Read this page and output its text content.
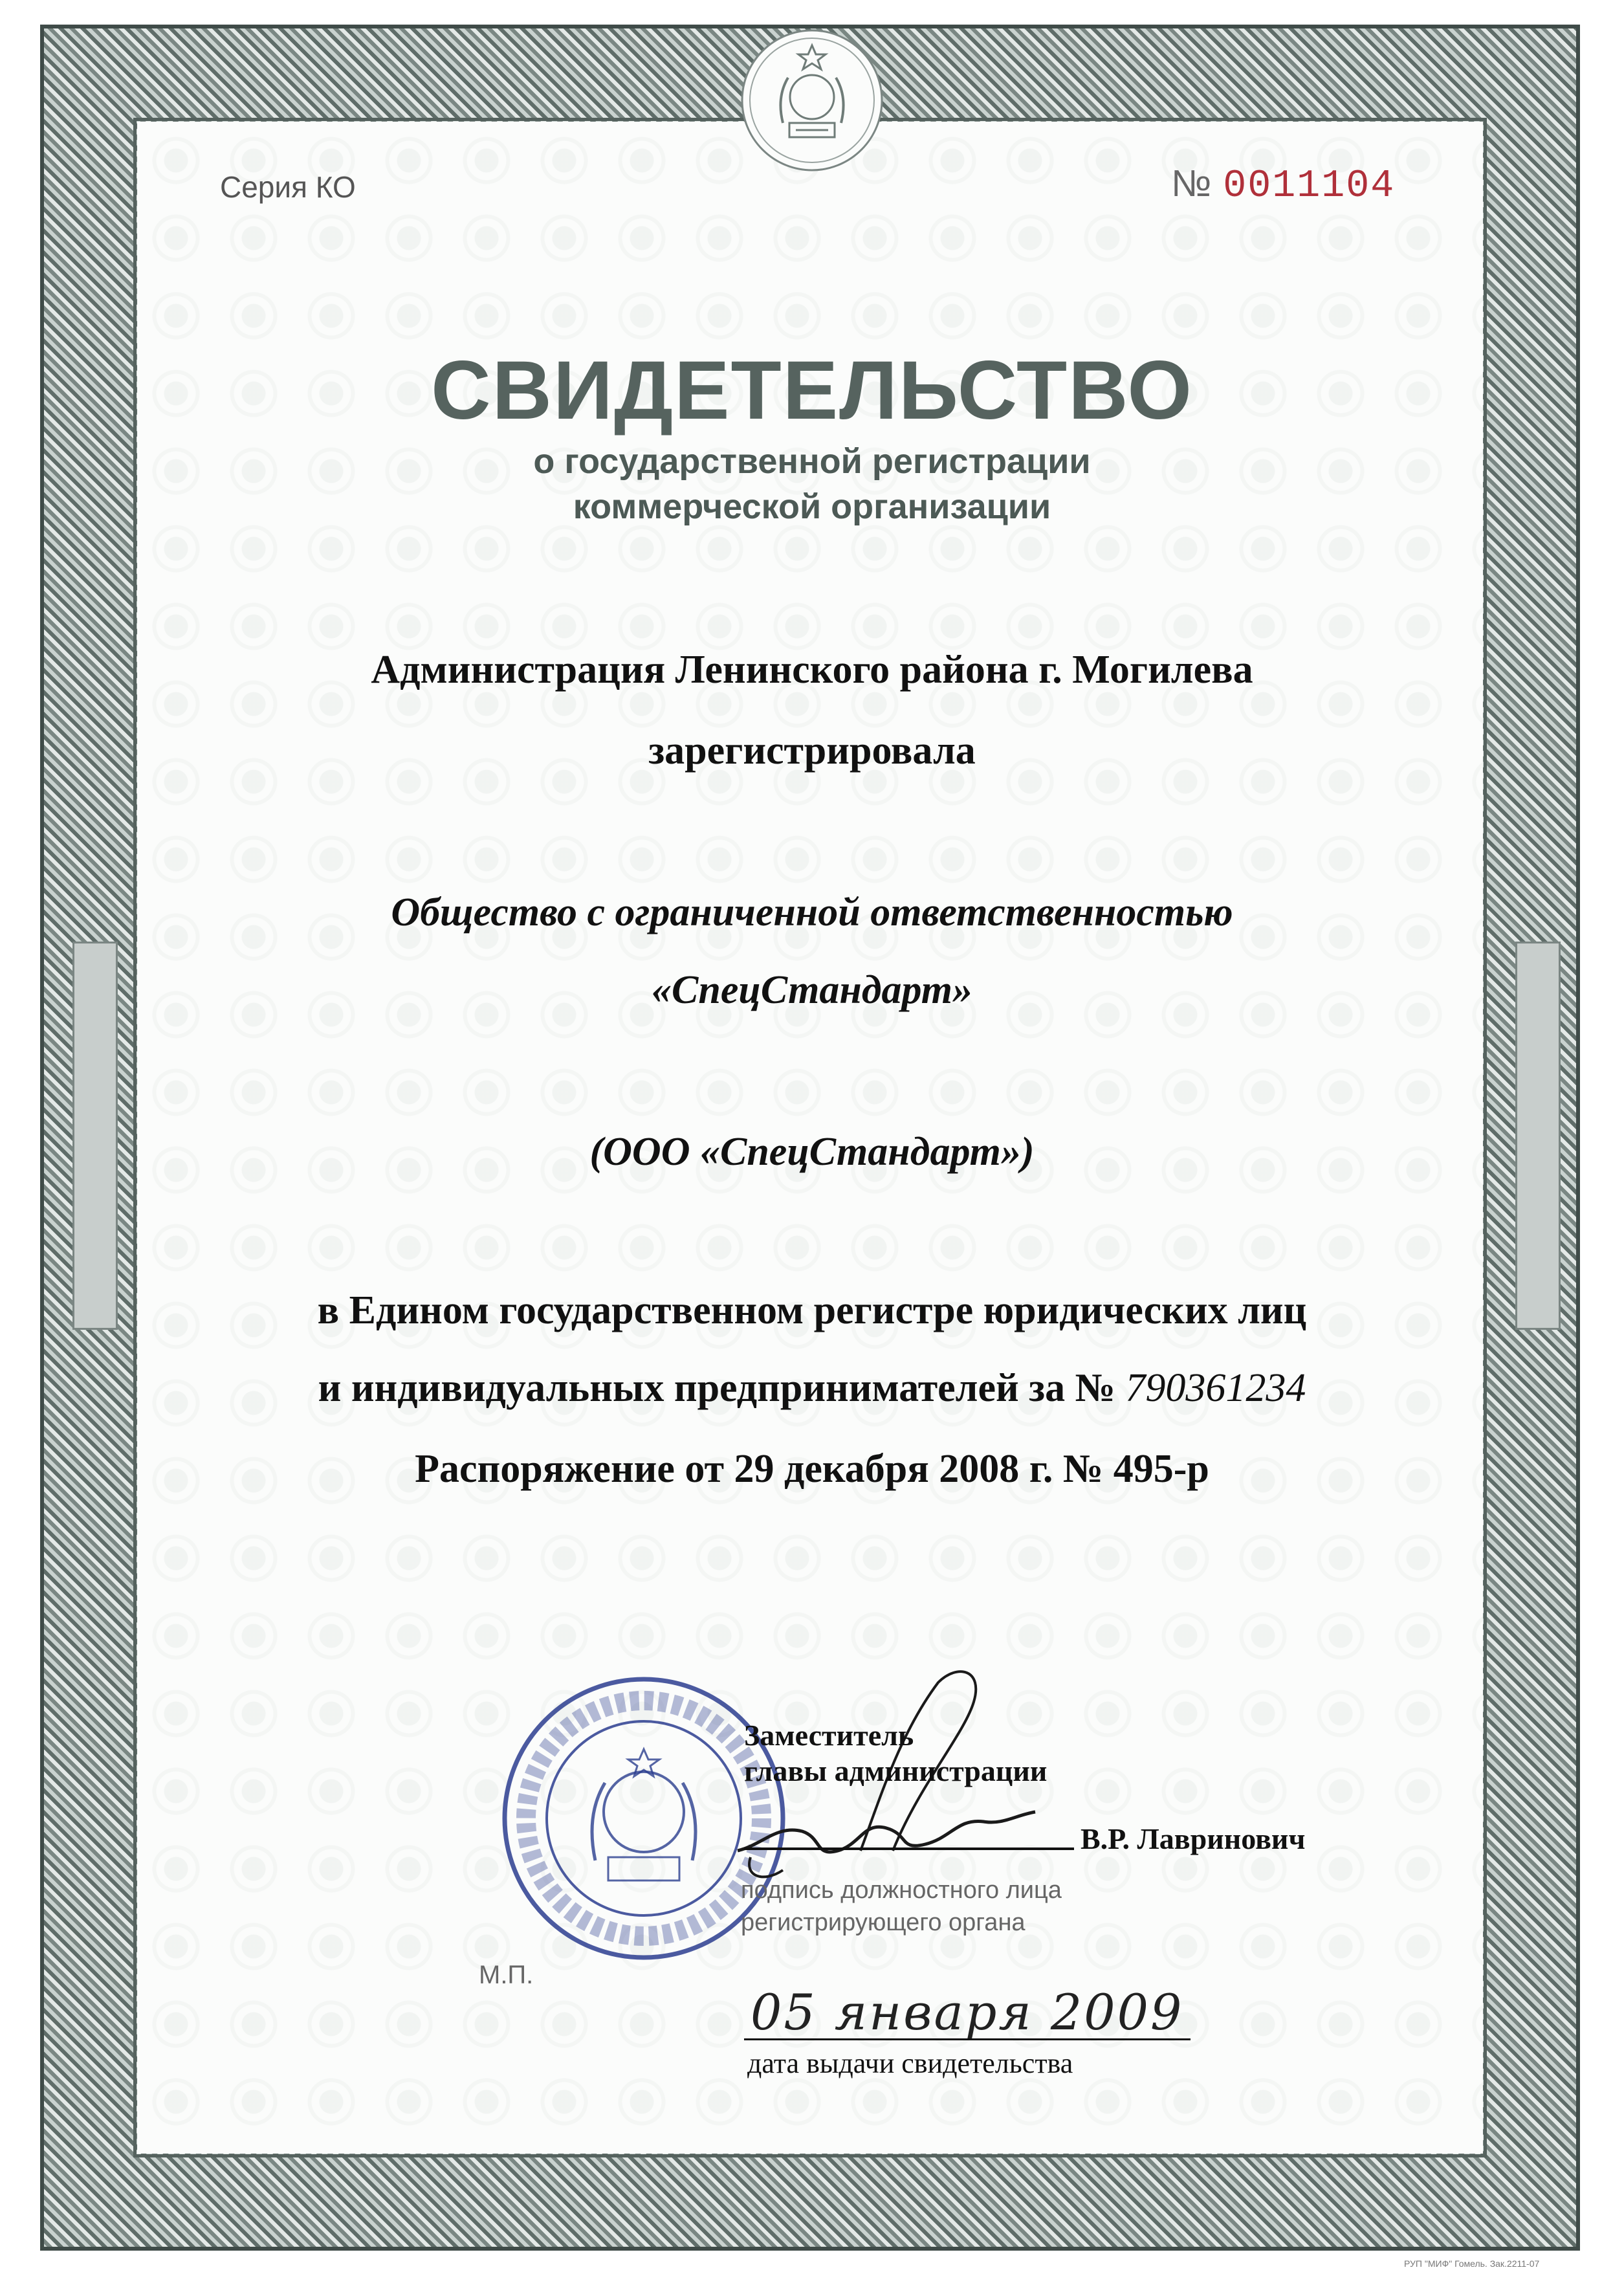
Серия КО	№ 0011104
СВИДЕТЕЛЬСТВО
о государственной регистрации
коммерческой организации
Администрация Ленинского района г. Могилева
зарегистрировала
Общество с ограниченной ответственностью
«СпецСтандарт»
(ООО «СпецСтандарт»)
в Едином государственном регистре юридических лиц
и индивидуальных предпринимателей за № 790361234
Распоряжение от 29 декабря 2008 г. № 495-р
Заместитель
главы администрации
В.Р. Лавринович
подпись должностного лица
регистрирующего органа
М.П.
05 января 2009
дата выдачи свидетельства
РУП "МИФ" Гомель. Зак.2211-07
